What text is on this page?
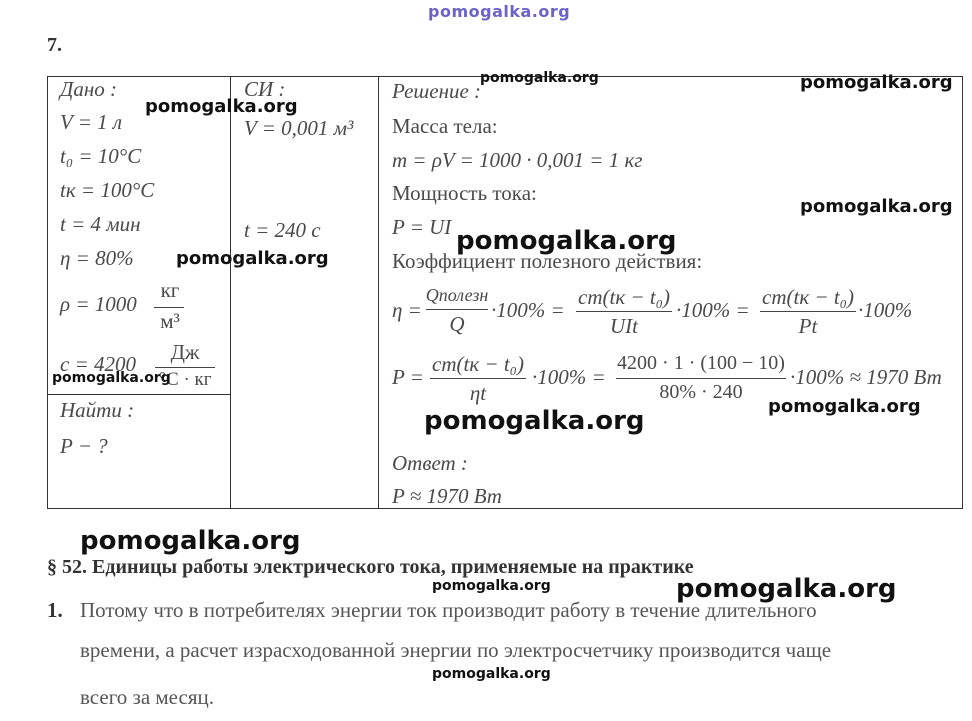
pomogalka.org
7.
Дано :
V = 1 л
t₀ = 10°C
tк = 100°C
t = 4 мин
η = 80%
ρ = 1000
кг
м³
c = 4200	Дж
°C · кг
Найти :
P − ?
СИ :
V = 0,001 м³
t = 240 с
Решение :
Масса тела:
m = ρV = 1000 · 0,001 = 1 кг
Мощность тока:
P = UI
Коэффициент полезного действия:
η =
Qполезн
Q
·100% =
cm(tк − t₀)
UIt
·100% =
cm(tк − t₀)
Pt
·100%
P =
cm(tк − t₀)
ηt
·100% =
4200 · 1 · (100 − 10)
80% · 240
·100% ≈ 1970 Вт
Ответ :
P ≈ 1970 Вт
§ 52. Единицы работы электрического тока, применяемые на практике
1. Потому что в потребителях энергии ток производит работу в течение длительного
времени, а расчет израсходованной энергии по электросчетчику производится чаще
всего за месяц.
pomogalka.org	pomogalka.org
pomogalka.org
pomogalka.org
pomogalka.org
pomogalka.org
pomogalka.org
pomogalka.org
pomogalka.org
pomogalka.org
pomogalka.org	pomogalka.org
pomogalka.org
